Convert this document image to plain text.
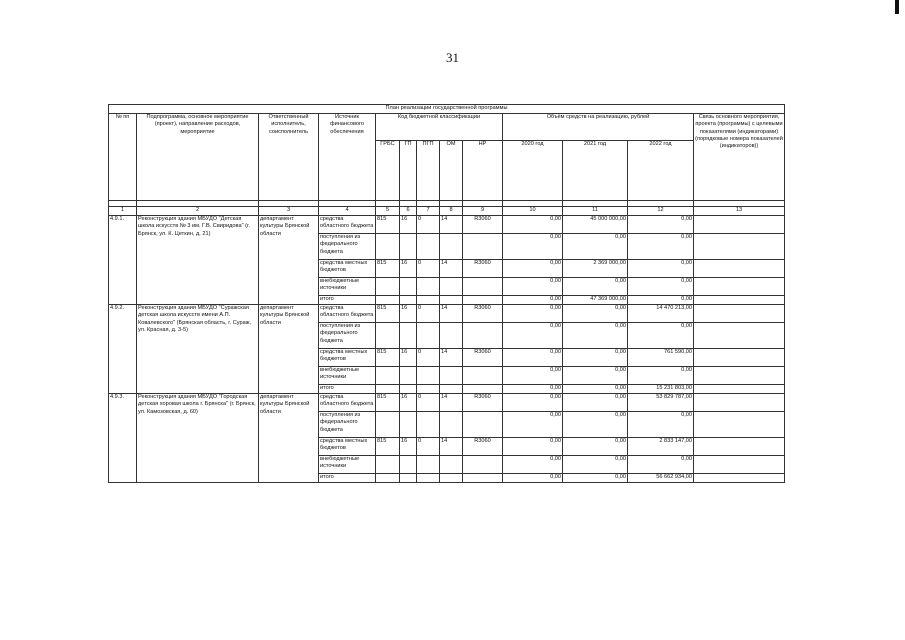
31
План реализации государственной программы												
№ пп	Подпрограмма, основное мероприятие (проект), направление расходов, мероприятие	Ответственный исполнитель, соисполнитель	Источник финансового обеспечения	Код бюджетной классификации					Объём средств на реализацию, рублей			Связь основного мероприятия, проекта (программы) с целевыми показателями (индикаторами) (порядковые номера показателей (индикаторов))
				ГРБС	ГП	ПГП	ОМ	НР	2020 год	2021 год	2022 год	

1	2	3	4	5	6	7	8	9	10	11	12	13
4.9.1.	Реконструкция здания МБУДО "Детская школа искусств № 3 им. Г.В. Свиридова" (г. Брянск, ул. К. Цеткин, д. 21)	департамент культуры Брянской области	средства областного бюджета	815	16	0	14	R3060	0,00	45 000 000,00	0,00	
			поступления из федерального бюджета						0,00	0,00	0,00	
			средства местных бюджетов	815	16	0	14	R3060	0,00	2 369 000,00	0,00	
			внебюджетные источники						0,00	0,00	0,00	
			итого						0,00	47 369 000,00	0,00	
4.9.2.	Реконструкция здания МБУДО "Суражская детская школа искусств имени А.П. Ковалевского" (Брянская область, г. Сураж, ул. Красная, д. 3-5)	департамент культуры Брянской области	средства областного бюджета	815	16	0	14	R3060	0,00	0,00	14 470 213,00	
			поступления из федерального бюджета						0,00	0,00	0,00	
			средства местных бюджетов	815	16	0	14	R3060	0,00	0,00	761 590,00	
			внебюджетные источники						0,00	0,00	0,00	
			итого						0,00	0,00	15 231 803,00	
4.9.3.	Реконструкция здания МБУДО "Городская детская хоровая школа г. Брянска" (г. Брянск, ул. Камозовская, д. 60)	департамент культуры Брянской области	средства областного бюджета	815	16	0	14	R3060	0,00	0,00	53 829 787,00	
			поступления из федерального бюджета						0,00	0,00	0,00	
			средства местных бюджетов	815	16	0	14	R3060	0,00	0,00	2 833 147,00	
			внебюджетные источники						0,00	0,00	0,00	
			итого						0,00	0,00	56 662 934,00	
